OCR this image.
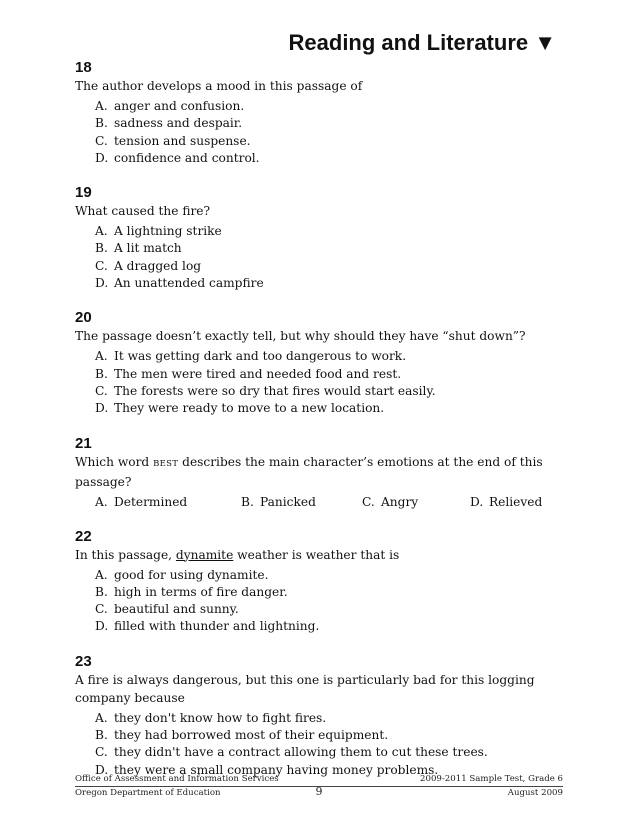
Reading and Literature ▼
18
The author develops a mood in this passage of
A. anger and confusion.
B. sadness and despair.
C. tension and suspense.
D. confidence and control.
19
What caused the fire?
A. A lightning strike
B. A lit match
C. A dragged log
D. An unattended campfire
20
The passage doesn’t exactly tell, but why should they have “shut down”?
A. It was getting dark and too dangerous to work.
B. The men were tired and needed food and rest.
C. The forests were so dry that fires would start easily.
D. They were ready to move to a new location.
21
Which word BEST describes the main character’s emotions at the end of this passage?
A. Determined	B. Panicked	C. Angry	D. Relieved
22
In this passage, dynamite weather is weather that is
A. good for using dynamite.
B. high in terms of fire danger.
C. beautiful and sunny.
D. filled with thunder and lightning.
23
A fire is always dangerous, but this one is particularly bad for this logging
company because
A. they don't know how to fight fires.
B. they had borrowed most of their equipment.
C. they didn't have a contract allowing them to cut these trees.
D. they were a small company having money problems.
Office of Assessment and Information Services	2009-2011 Sample Test, Grade 6
Oregon Department of Education	August 2009
9
